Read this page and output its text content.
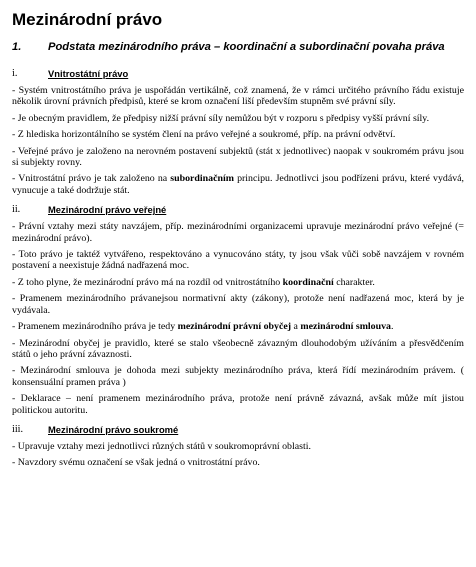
Mezinárodní právo
1.	Podstata mezinárodního práva – koordinační a subordinační povaha práva
i.	Vnitrostátní právo

- Systém vnitrostátního práva je uspořádán vertikálně, což znamená, že v rámci určitého právního řádu existuje několik úrovní právních předpisů, které se krom označení liší především stupněm své právní síly.

- Je obecným pravidlem, že předpisy nižší právní síly nemůžou být v rozporu s předpisy vyšší právní síly.

- Z hlediska horizontálního se systém člení na právo veřejné a soukromé, příp. na právní odvětví.

- Veřejné právo je založeno na nerovném postavení subjektů (stát x jednotlivec) naopak v soukromém právu jsou si subjekty rovny.

- Vnitrostátní právo je tak založeno na subordinačním principu. Jednotlivci jsou podřízeni právu, které vydává, vynucuje a také dodržuje stát.

ii.	Mezinárodní právo veřejné

- Právní vztahy mezi státy navzájem, příp. mezinárodními organizacemi upravuje mezinárodní právo veřejné (= mezinárodní právo).

- Toto právo je taktéž vytvářeno, respektováno a vynucováno státy, ty jsou však vůči sobě navzájem v rovném postavení a neexistuje žádná nadřazená moc.

- Z toho plyne, že mezinárodní právo má na rozdíl od vnitrostátního koordinační charakter.

- Pramenem mezinárodního právanejsou normativní akty (zákony), protože není nadřazená moc, která by je vydávala.

- Pramenem mezinárodního práva je tedy mezinárodní právní obyčej a mezinárodní smlouva.

- Mezinárodní obyčej je pravidlo, které se stalo všeobecně závazným dlouhodobým užíváním a přesvědčením států o jeho právní závaznosti.

- Mezinárodní smlouva je dohoda mezi subjekty mezinárodního práva, která řídí mezinárodním právem. ( konsensuální pramen práva )

- Deklarace – není pramenem mezinárodního práva, protože není právně závazná, avšak může mít jistou politickou autoritu.

iii.	Mezinárodní právo soukromé

- Upravuje vztahy mezi jednotlivci různých států v soukromoprávní oblasti.

- Navzdory svému označení se však jedná o vnitrostátní právo.
